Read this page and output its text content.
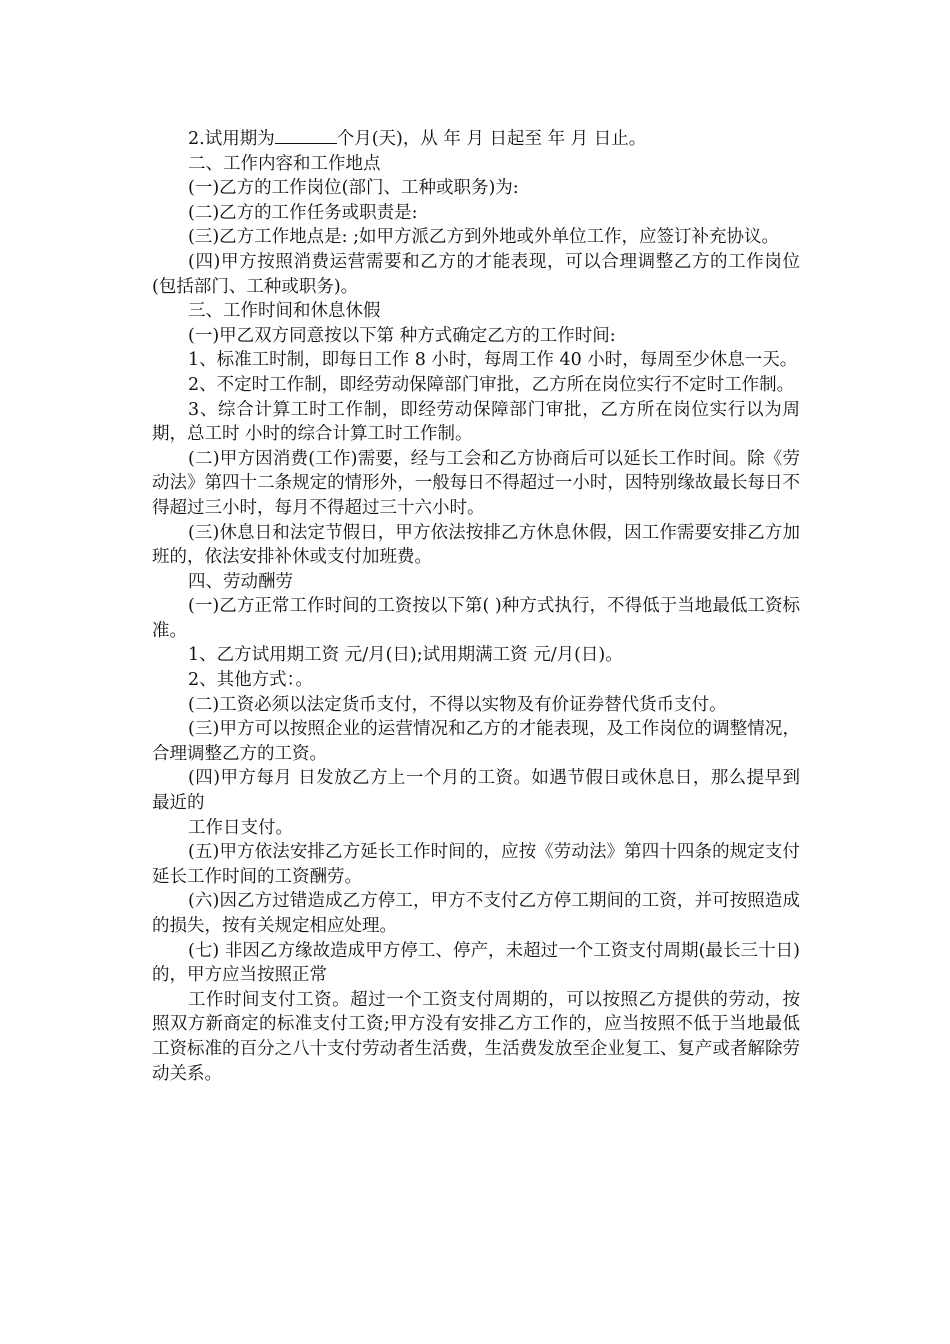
2.试用期为	个月(天)，从 年 月 日起至 年 月 日止。

二、工作内容和工作地点

(一)乙方的工作岗位(部门、工种或职务)为:

(二)乙方的工作任务或职责是:

(三)乙方工作地点是: ;如甲方派乙方到外地或外单位工作，应签订补充协议。

(四)甲方按照消费运营需要和乙方的才能表现，可以合理调整乙方的工作岗位(包括部门、工种或职务)。

三、工作时间和休息休假

(一)甲乙双方同意按以下第 种方式确定乙方的工作时间:

1、标准工时制，即每日工作 8 小时，每周工作 40 小时，每周至少休息一天。

2、不定时工作制，即经劳动保障部门审批，乙方所在岗位实行不定时工作制。

3、综合计算工时工作制，即经劳动保障部门审批，乙方所在岗位实行以为周期，总工时 小时的综合计算工时工作制。

(二)甲方因消费(工作)需要，经与工会和乙方协商后可以延长工作时间。除《劳动法》第四十二条规定的情形外，一般每日不得超过一小时，因特别缘故最长每日不得超过三小时，每月不得超过三十六小时。

(三)休息日和法定节假日，甲方依法按排乙方休息休假，因工作需要安排乙方加班的，依法安排补休或支付加班费。

四、劳动酬劳

(一)乙方正常工作时间的工资按以下第( )种方式执行，不得低于当地最低工资标准。

1、乙方试用期工资 元/月(日);试用期满工资 元/月(日)。

2、其他方式：。

(二)工资必须以法定货币支付，不得以实物及有价证券替代货币支付。

(三)甲方可以按照企业的运营情况和乙方的才能表现，及工作岗位的调整情况，合理调整乙方的工资。

(四)甲方每月 日发放乙方上一个月的工资。如遇节假日或休息日，那么提早到最近的

工作日支付。

(五)甲方依法安排乙方延长工作时间的，应按《劳动法》第四十四条的规定支付延长工作时间的工资酬劳。

(六)因乙方过错造成乙方停工，甲方不支付乙方停工期间的工资，并可按照造成的损失，按有关规定相应处理。

(七) 非因乙方缘故造成甲方停工、停产，未超过一个工资支付周期(最长三十日)的，甲方应当按照正常

工作时间支付工资。超过一个工资支付周期的，可以按照乙方提供的劳动，按照双方新商定的标准支付工资;甲方没有安排乙方工作的，应当按照不低于当地最低工资标准的百分之八十支付劳动者生活费，生活费发放至企业复工、复产或者解除劳动关系。
